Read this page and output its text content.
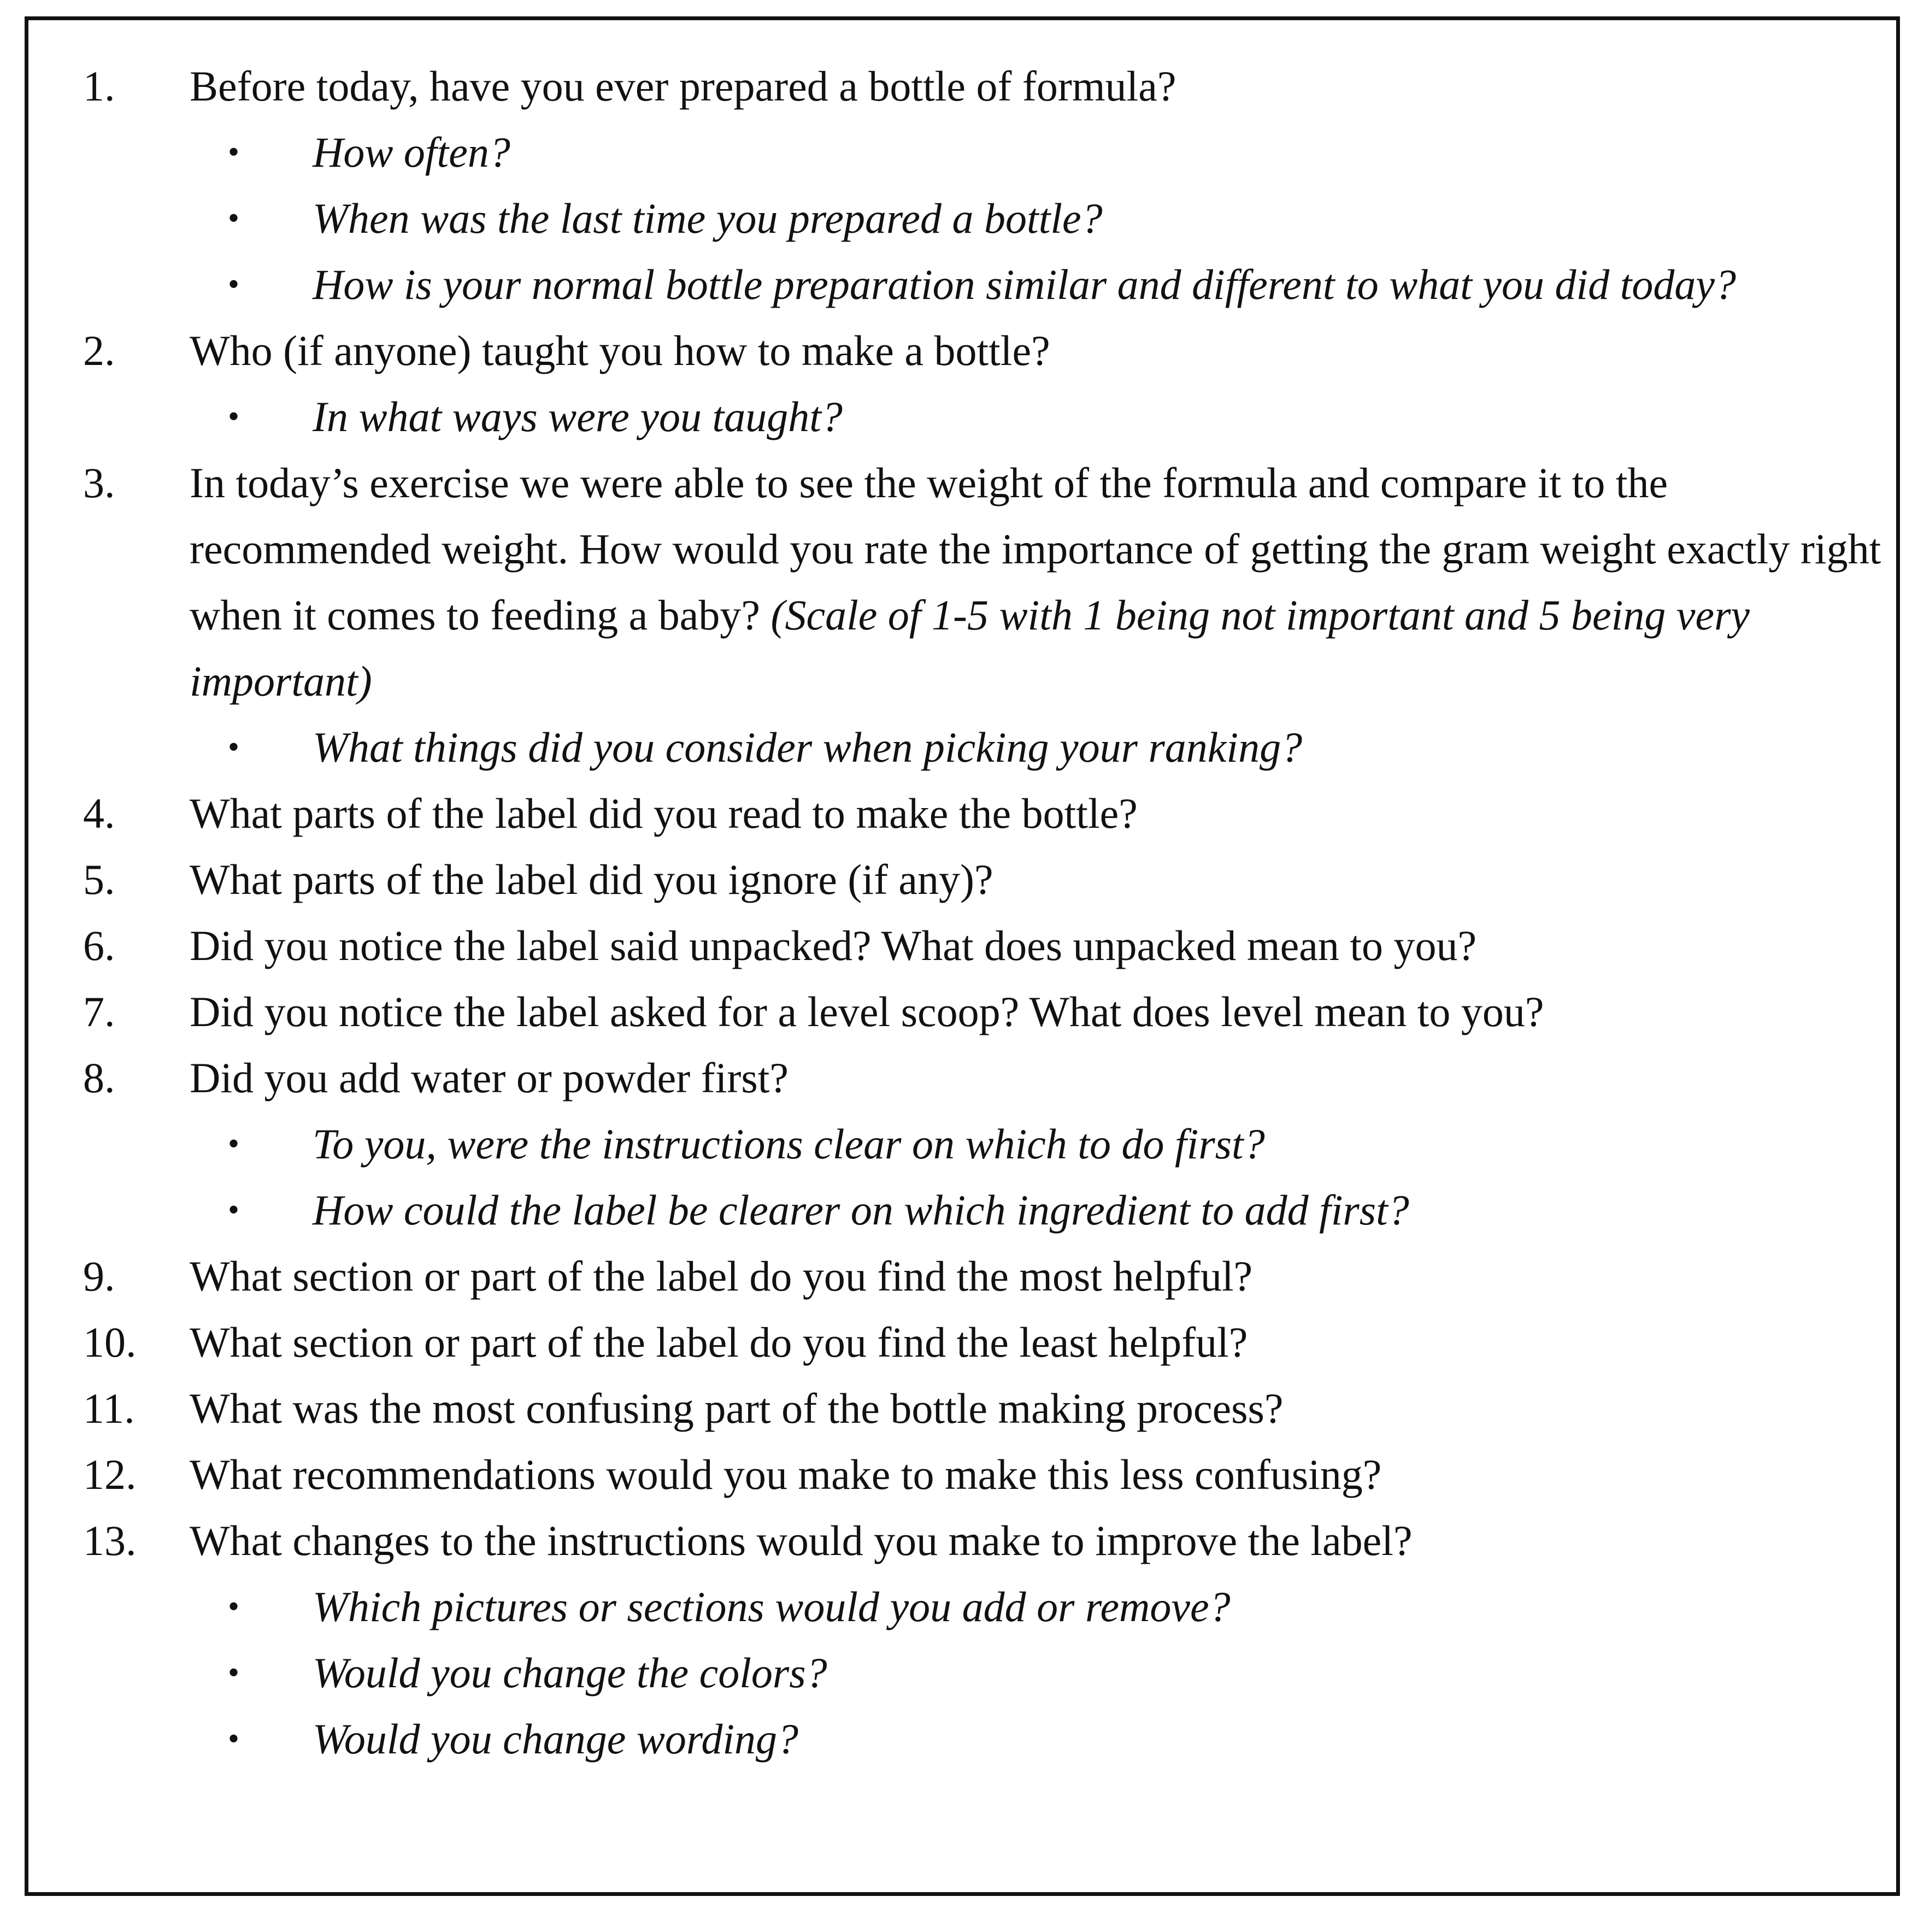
1. Before today, have you ever prepared a bottle of formula?
• How often?
• When was the last time you prepared a bottle?
• How is your normal bottle preparation similar and different to what you did today?
2. Who (if anyone) taught you how to make a bottle?
• In what ways were you taught?
3. In today’s exercise we were able to see the weight of the formula and compare it to the recommended weight. How would you rate the importance of getting the gram weight exactly right when it comes to feeding a baby? (Scale of 1-5 with 1 being not important and 5 being very important)
• What things did you consider when picking your ranking?
4. What parts of the label did you read to make the bottle?
5. What parts of the label did you ignore (if any)?
6. Did you notice the label said unpacked? What does unpacked mean to you?
7. Did you notice the label asked for a level scoop? What does level mean to you?
8. Did you add water or powder first?
• To you, were the instructions clear on which to do first?
• How could the label be clearer on which ingredient to add first?
9. What section or part of the label do you find the most helpful?
10. What section or part of the label do you find the least helpful?
11. What was the most confusing part of the bottle making process?
12. What recommendations would you make to make this less confusing?
13. What changes to the instructions would you make to improve the label?
• Which pictures or sections would you add or remove?
• Would you change the colors?
• Would you change wording?
